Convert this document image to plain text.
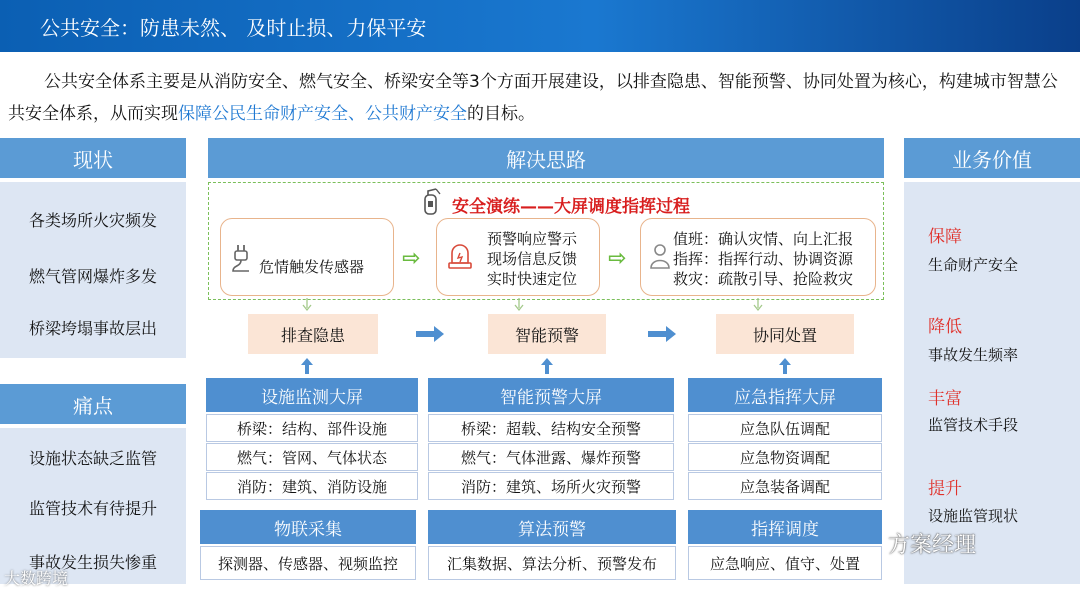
公共安全：防患未然、 及时止损、力保平安
公共安全体系主要是从消防安全、燃气安全、桥梁安全等3个方面开展建设，以排查隐患、智能预警、协同处置为核心，构建城市智慧公共安全体系，从而实现保障公民生命财产安全、公共财产安全的目标。
现状
各类场所火灾频发
燃气管网爆炸多发
桥梁垮塌事故层出
痛点
设施状态缺乏监管
监管技术有待提升
事故发生损失惨重
解决思路
安全演练——大屏调度指挥过程
危情触发传感器 ⇨
预警响应警示
现场信息反馈
实时快速定位
⇨
值班：确认灾情、向上汇报
指挥：指挥行动、协调资源
救灾：疏散引导、抢险救灾
排查隐患	智能预警	协同处置
设施监测大屏
桥梁：结构、部件设施
燃气：管网、气体状态
消防：建筑、消防设施
智能预警大屏
桥梁：超载、结构安全预警
燃气：气体泄露、爆炸预警
消防：建筑、场所火灾预警
应急指挥大屏
应急队伍调配
应急物资调配
应急装备调配
物联采集
探测器、传感器、视频监控
算法预警
汇集数据、算法分析、预警发布
指挥调度
应急响应、值守、处置
业务价值
保障
生命财产安全
降低
事故发生频率
丰富
监管技术手段
提升
设施监管现状
方案经理
大数跨境
